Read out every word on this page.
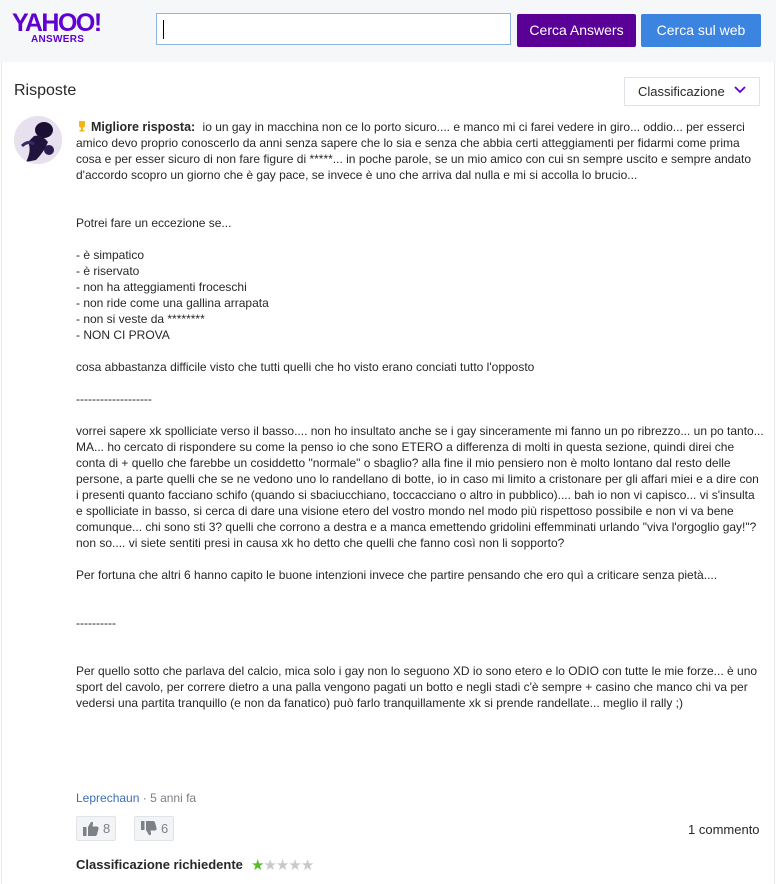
YAHOO!
ANSWERS
Cerca Answers	Cerca sul web
Risposte	Classificazione
Migliore risposta: io un gay in macchina non ce lo porto sicuro.... e manco mi ci farei vedere in giro... oddio... per esserci amico devo proprio conoscerlo da anni senza sapere che lo sia e senza che abbia certi atteggiamenti per fidarmi come prima cosa e per esser sicuro di non fare figure di *****... in poche parole, se un mio amico con cui sn sempre uscito e sempre andato d'accordo scopro un giorno che è gay pace, se invece è uno che arriva dal nulla e mi si accolla lo brucio...

Potrei fare un eccezione se...

- è simpatico
- è riservato
- non ha atteggiamenti froceschi
- non ride come una gallina arrapata
- non si veste da ********
- NON CI PROVA

cosa abbastanza difficile visto che tutti quelli che ho visto erano conciati tutto l'opposto

-------------------

vorrei sapere xk spolliciate verso il basso.... non ho insultato anche se i gay sinceramente mi fanno un po ribrezzo... un po tanto... MA... ho cercato di rispondere su come la penso io che sono ETERO a differenza di molti in questa sezione, quindi direi che conta di + quello che farebbe un cosiddetto "normale" o sbaglio? alla fine il mio pensiero non è molto lontano dal resto delle persone, a parte quelli che se ne vedono uno lo randellano di botte, io in caso mi limito a cristonare per gli affari miei e a dire con i presenti quanto facciano schifo (quando si sbaciucchiano, toccacciano o altro in pubblico).... bah io non vi capisco... vi s'insulta e spolliciate in basso, si cerca di dare una visione etero del vostro mondo nel modo più rispettoso possibile e non vi va bene comunque... chi sono sti 3? quelli che corrono a destra e a manca emettendo gridolini effemminati urlando "viva l'orgoglio gay!"? non so.... vi siete sentiti presi in causa xk ho detto che quelli che fanno così non li sopporto?

Per fortuna che altri 6 hanno capito le buone intenzioni invece che partire pensando che ero quì a criticare senza pietà....

----------

Per quello sotto che parlava del calcio, mica solo i gay non lo seguono XD io sono etero e lo ODIO con tutte le mie forze... è uno sport del cavolo, per correre dietro a una palla vengono pagati un botto e negli stadi c'è sempre + casino che manco chi va per vedersi una partita tranquillo (e non da fanatico) può farlo tranquillamente xk si prende randellate... meglio il rally ;)

Leprechaun · 5 anni fa
8	6	1 commento
Classificazione richiedente ★★★★★
